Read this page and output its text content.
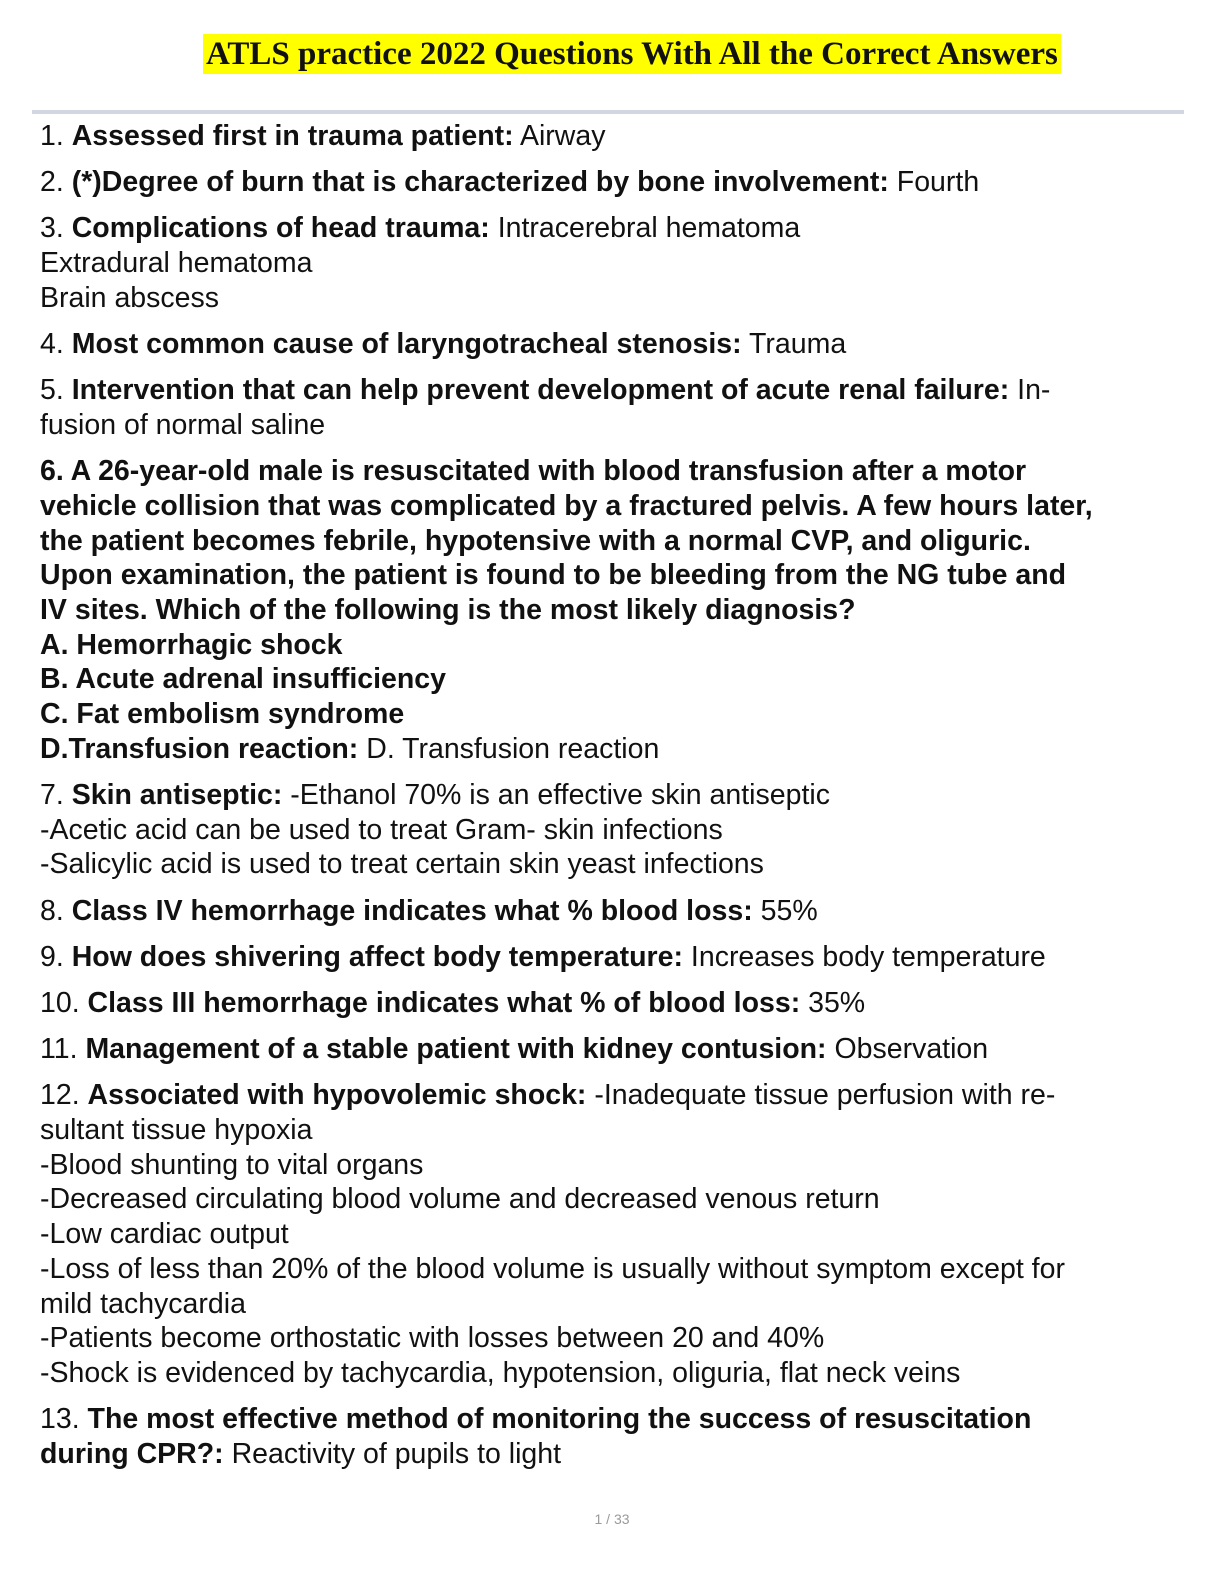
ATLS practice 2022 Questions With All the Correct Answers
1. Assessed first in trauma patient: Airway
2. (*)Degree of burn that is characterized by bone involvement: Fourth
3. Complications of head trauma: Intracerebral hematoma
Extradural hematoma
Brain abscess
4. Most common cause of laryngotracheal stenosis: Trauma
5. Intervention that can help prevent development of acute renal failure: In-
fusion of normal saline
6. A 26-year-old male is resuscitated with blood transfusion after a motor
vehicle collision that was complicated by a fractured pelvis. A few hours later,
the patient becomes febrile, hypotensive with a normal CVP, and oliguric.
Upon examination, the patient is found to be bleeding from the NG tube and
IV sites. Which of the following is the most likely diagnosis?
A. Hemorrhagic shock
B. Acute adrenal insufficiency
C. Fat embolism syndrome
D.Transfusion reaction: D. Transfusion reaction
7. Skin antiseptic: -Ethanol 70% is an effective skin antiseptic
-Acetic acid can be used to treat Gram- skin infections
-Salicylic acid is used to treat certain skin yeast infections
8. Class IV hemorrhage indicates what % blood loss: 55%
9. How does shivering affect body temperature: Increases body temperature
10. Class III hemorrhage indicates what % of blood loss: 35%
11. Management of a stable patient with kidney contusion: Observation
12. Associated with hypovolemic shock: -Inadequate tissue perfusion with re-
sultant tissue hypoxia
-Blood shunting to vital organs
-Decreased circulating blood volume and decreased venous return
-Low cardiac output
-Loss of less than 20% of the blood volume is usually without symptom except for
mild tachycardia
-Patients become orthostatic with losses between 20 and 40%
-Shock is evidenced by tachycardia, hypotension, oliguria, flat neck veins
13. The most effective method of monitoring the success of resuscitation
during CPR?: Reactivity of pupils to light
1 / 33
